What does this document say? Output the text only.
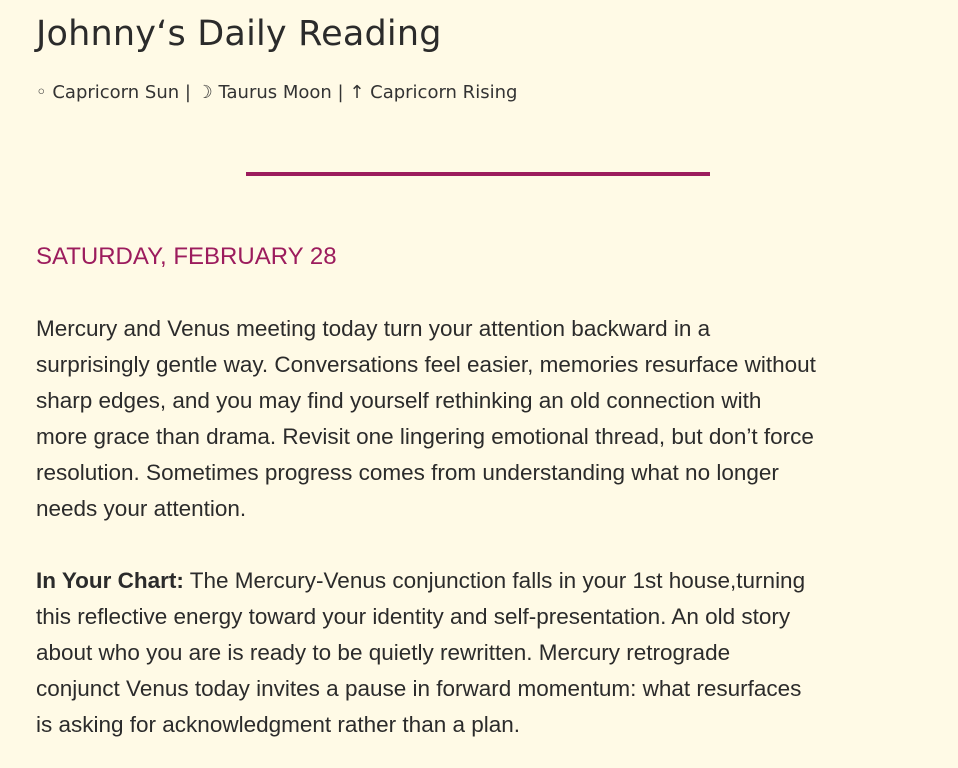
Johnny‘s Daily Reading
◦ Capricorn Sun | ☽ Taurus Moon | ↑ Capricorn Rising
SATURDAY, FEBRUARY 28

Mercury and Venus meeting today turn your attention backward in a
surprisingly gentle way. Conversations feel easier, memories resurface without
sharp edges, and you may find yourself rethinking an old connection with
more grace than drama. Revisit one lingering emotional thread, but don’t force
resolution. Sometimes progress comes from understanding what no longer
needs your attention.

In Your Chart: The Mercury-Venus conjunction falls in your 1st house,turning
this reflective energy toward your identity and self-presentation. An old story
about who you are is ready to be quietly rewritten. Mercury retrograde
conjunct Venus today invites a pause in forward momentum: what resurfaces
is asking for acknowledgment rather than a plan.
